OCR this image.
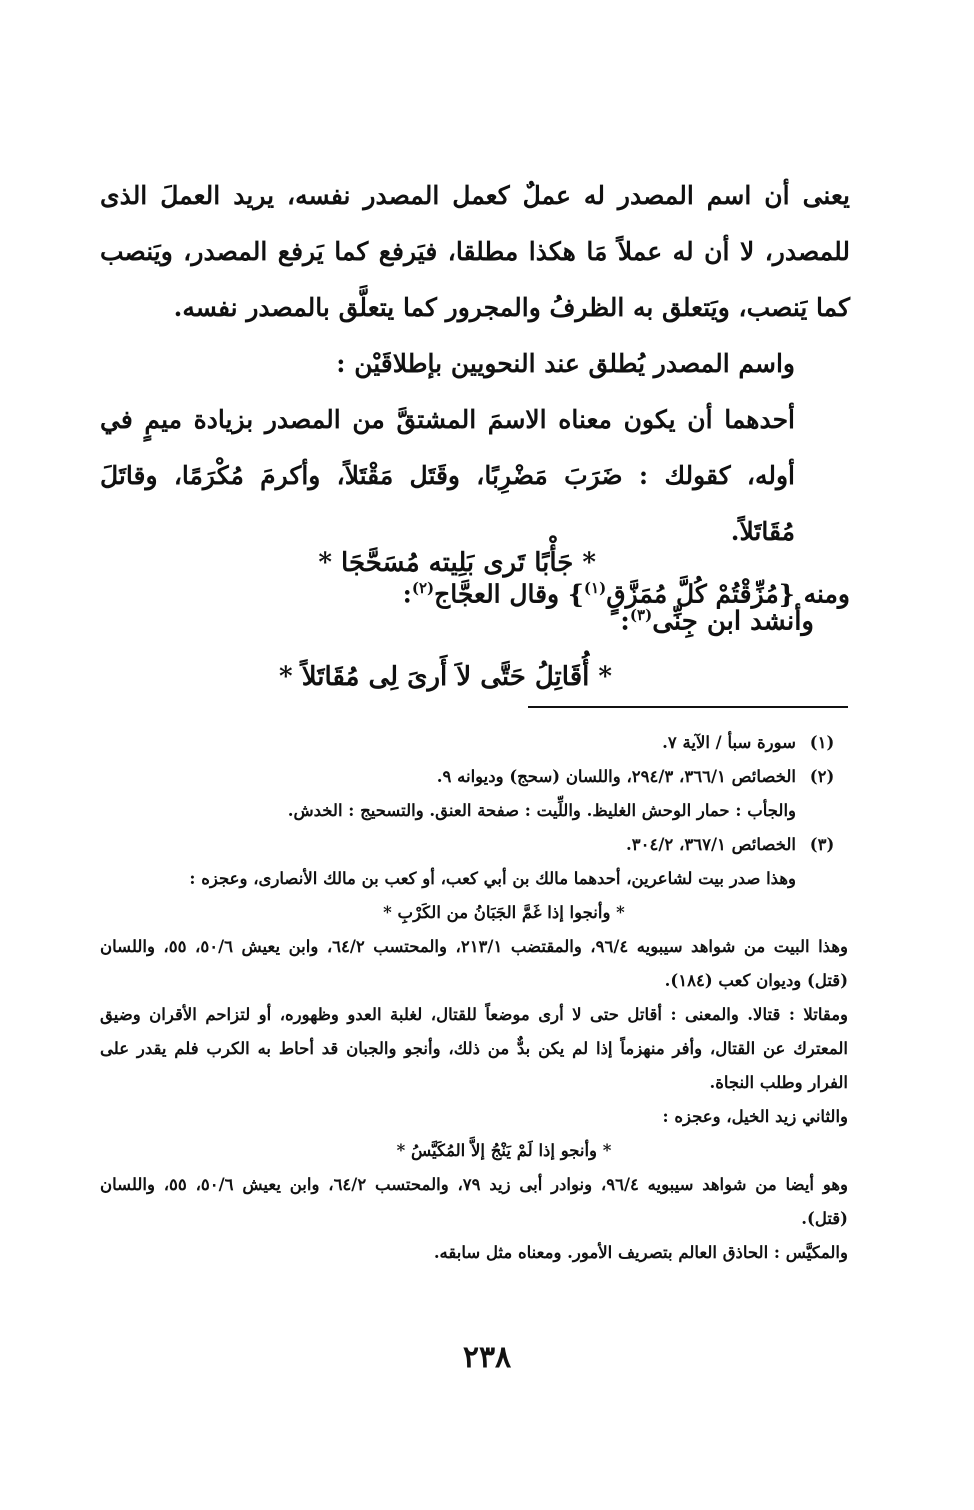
يعنى أن اسم المصدر له عملٌ كعمل المصدر نفسه، يريد العملَ الذى للمصدر، لا أن له عملاً مَا هكذا مطلقا، فيَرفع كما يَرفع المصدر، ويَنصب كما يَنصب، ويَتعلق به الظرفُ والمجرور كما يتعلَّق بالمصدر نفسه.

واسم المصدر يُطلق عند النحويين بإطلاقَيْن :

أحدهما أن يكون معناه الاسمَ المشتقَّ من المصدر بزيادة ميمٍ في أوله، كقولك : ضَرَبَ مَضْرِبًا، وقَتَل مَقْتَلاً، وأكرمَ مُكْرَمًا، وقاتَلَ مُقَاتَلاً.

ومنه {مُزِّقْتُمْ كُلَّ مُمَزَّقٍ$^{(١)}$} وقال العجَّاج$^{(٢)}$:

* جَأْبًا تَرى بَلِيته مُسَحَّجَا *
وأنشد ابن جِنِّى$^{(٣)}$:
* أُقَاتِلُ حَتَّى لاَ أَرىَ لِى مُقَاتَلاً *
(١)
سورة سبأ / الآية ٧.
(٢)
الخصائص ٣٦٦/١، ٢٩٤/٣، واللسان (سحج) وديوانه ٩.
والجأب : حمار الوحش الغليظ. واللِّيت : صفحة العنق. والتسحيج : الخدش.
(٣)
الخصائص ٣٦٧/١، ٣٠٤/٢.
وهذا صدر بيت لشاعرين، أحدهما مالك بن أبي كعب، أو كعب بن مالك الأنصارى، وعجزه :
* وأنجوا إذا غَمَّ الجَبَانُ من الكَرْبِ *
وهذا البيت من شواهد سيبويه ٩٦/٤، والمقتضب ٢١٣/١، والمحتسب ٦٤/٢، وابن يعيش ٥٠/٦، ٥٥، واللسان (قتل) وديوان كعب (١٨٤).
ومقاتلا : قتالا. والمعنى : أقاتل حتى لا أرى موضعاً للقتال، لغلبة العدو وظهوره، أو لتزاحم الأقران وضيق المعترك عن القتال، وأفر منهزماً إذا لم يكن بدٌّ من ذلك، وأنجو والجبان قد أحاط به الكرب فلم يقدر على الفرار وطلب النجاة.
والثاني زيد الخيل، وعجزه :
* وأنجو إذا لَمْ يَنْجُ إلاَّ المُكَيَّسُ *
وهو أيضا من شواهد سيبويه ٩٦/٤، ونوادر أبى زيد ٧٩، والمحتسب ٦٤/٢، وابن يعيش ٥٠/٦، ٥٥، واللسان (قتل).
والمكيَّس : الحاذق العالم بتصريف الأمور. ومعناه مثل سابقه.
٢٣٨
